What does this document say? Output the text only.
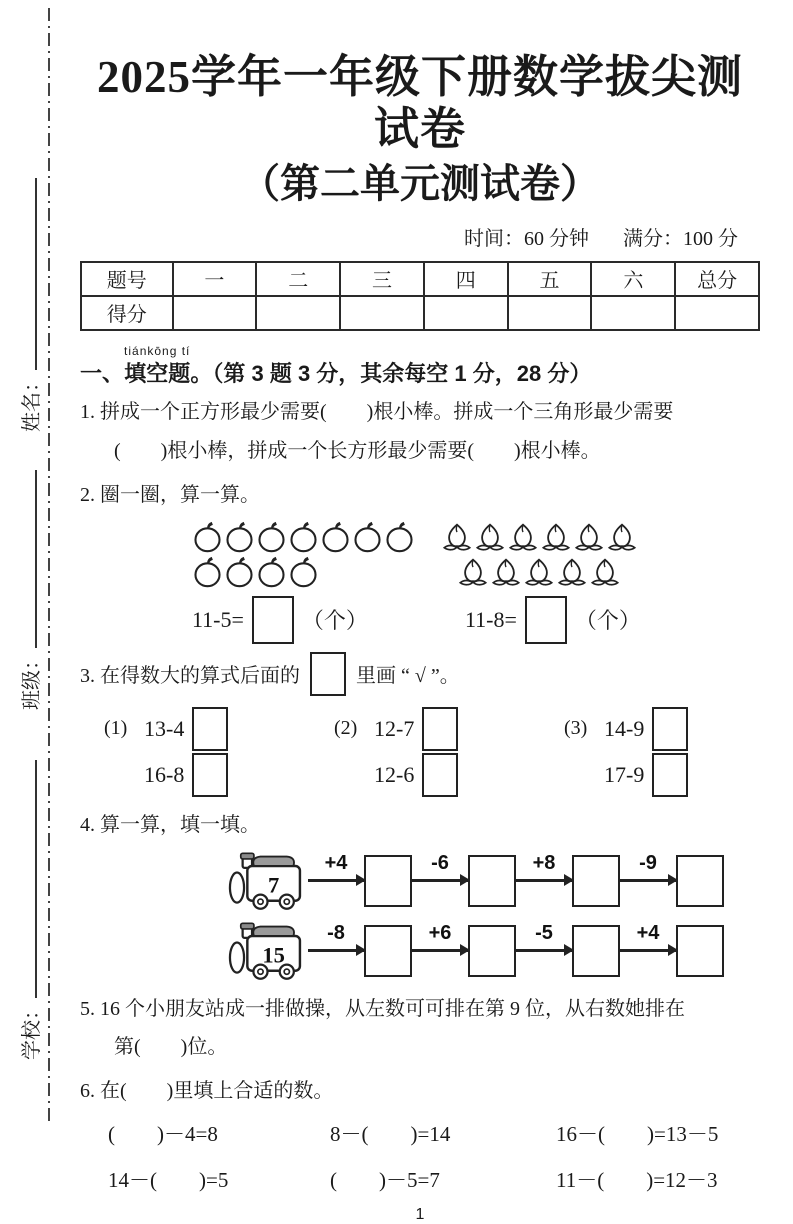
姓名：
班级：
学校：
2025学年一年级下册数学拔尖测试卷
（第二单元测试卷）
时间：60 分钟 满分：100 分
题号	一	二	三	四	五	六	总分
得分							
一、
tiánkōng tí
填空题 。（第 3 题 3 分，其余每空 1 分，28 分）

1. 拼成一个正方形最少需要(　　)根小棒。拼成一个三角形最少需要

(　　)根小棒，拼成一个长方形最少需要(　　)根小棒。

2. 圈一圈，算一算。

11-5=	（个）	11-8=	（个）
3. 在得数大的算式后面的	里画 “ √ ”。
(1) 13-4
16-8
(2) 12-7
12-6
(3) 14-9
17-9

4. 算一算，填一填。

7
+4	-6	+8	-9
15
-8	+6	-5	+4

5. 16 个小朋友站成一排做操，从左数可可排在第 9 位，从右数她排在

第(　　)位。

6. 在(　　)里填上合适的数。

(　　)－4=8	8－(　　)=14	16－(　　)=13－5
14－(　　)=5	(　　)－5=7	11－(　　)=12－3
1
